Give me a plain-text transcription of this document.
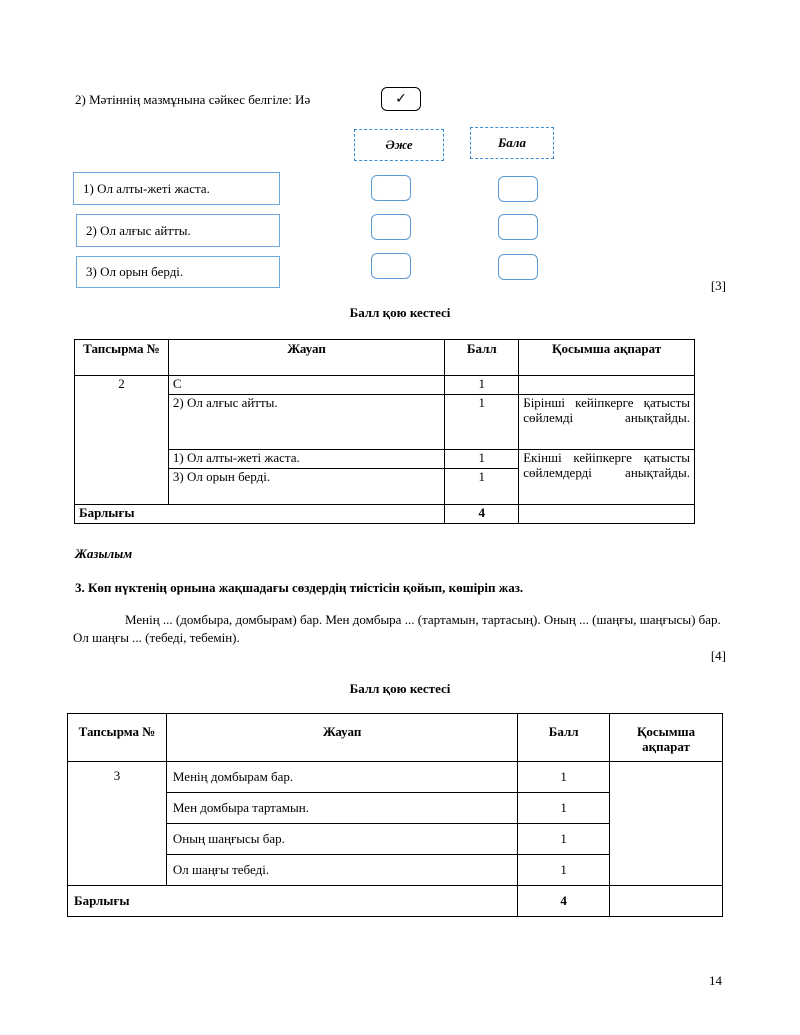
2) Мәтіннің мазмұнына сәйкес белгіле: Иә	✓
Әже	Бала
1) Ол алты-жеті жаста.
2) Ол алғыс айтты.
3) Ол орын берді.
[3]
Балл қою кестесі
Тапсырма №	Жауап	Балл	Қосымша ақпарат
2	C	1	
	2) Ол алғыс айтты.	1	Бірінші кейіпкерге қатысты сөйлемді анықтайды.
	1) Ол алты-жеті жаста.	1	Екінші кейіпкерге қатысты сөйлемдерді анықтайды.
	3) Ол орын берді.	1	
Барлығы		4	
Жазылым
3. Көп нүктенің орнына жақшадағы сөздердің тиістісін қойып, көшіріп жаз.
Менің ... (домбыра, домбырам) бар. Мен домбыра ... (тартамын, тартасың). Оның ... (шаңғы, шаңғысы) бар. Ол шаңғы ... (тебеді, тебемін).
[4]
Балл қою кестесі
Тапсырма №	Жауап	Балл	Қосымша ақпарат
3	Менің домбырам бар.	1	
	Мен домбыра тартамын.	1	
	Оның шаңғысы бар.	1	
	Ол шаңғы тебеді.	1	
Барлығы		4	
14
